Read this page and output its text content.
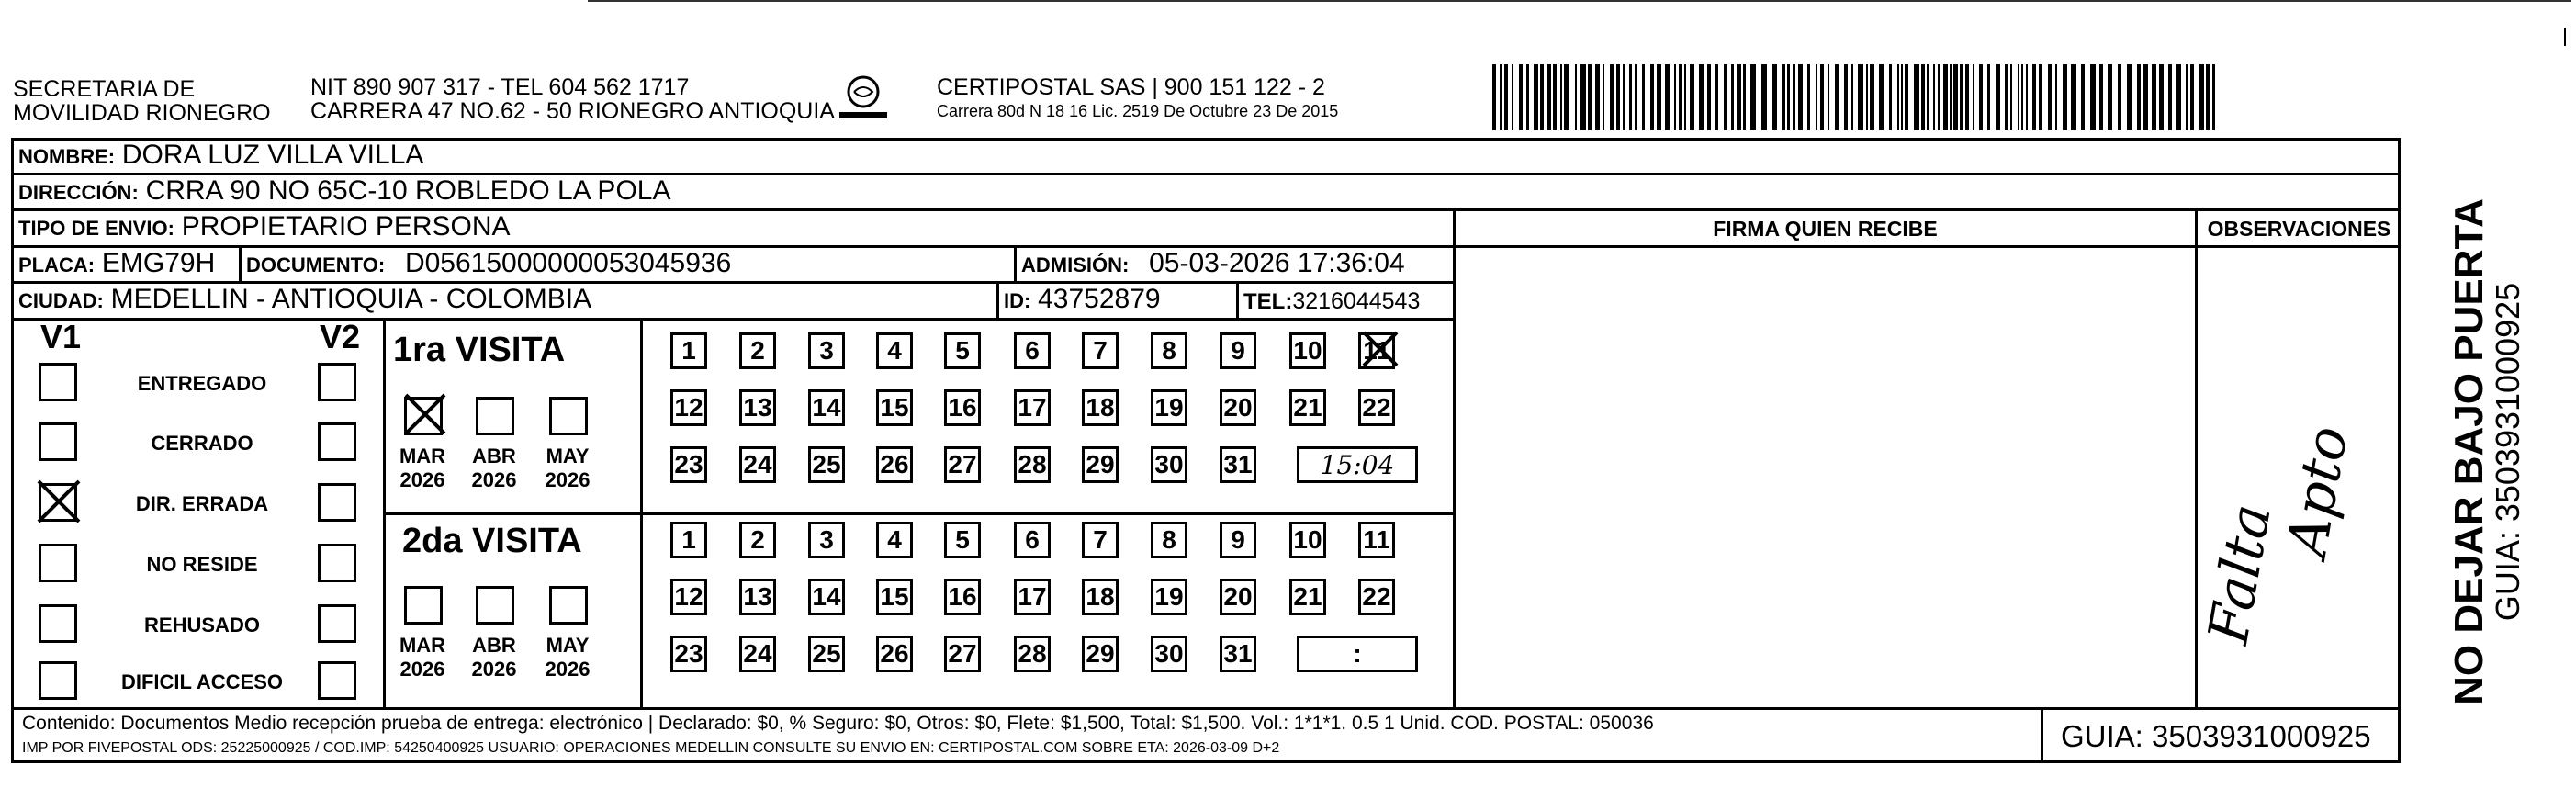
SECRETARIA DE
MOVILIDAD RIONEGRO
NIT 890 907 317 - TEL 604 562 1717
CARRERA 47 NO.62 - 50 RIONEGRO ANTIOQUIA
CERTIPOSTAL SAS | 900 151 122 - 2
Carrera 80d N 18 16 Lic. 2519 De Octubre 23 De 2015
NOMBRE: DORA LUZ VILLA VILLA
DIRECCIÓN: CRRA 90 NO 65C-10 ROBLEDO LA POLA
TIPO DE ENVIO: PROPIETARIO PERSONA	FIRMA QUIEN RECIBE	OBSERVACIONES
PLACA: EMG79H DOCUMENTO: D05615000000053045936	ADMISIÓN: 05-03-2026 17:36:04
CIUDAD: MEDELLIN - ANTIOQUIA - COLOMBIA	ID: 43752879	TEL:3216044543
V1	V2
ENTREGADO
CERRADO
DIR. ERRADA
NO RESIDE
REHUSADO
DIFICIL ACCESO
1ra VISITA
2da VISITA
1	2	3	4	5	6	7	8	9	10 11
12 13 14 15 16 17 18 19 20 21 22
23 24 25 26 27 28 29 30 31	15:04
MAR
2026
ABR
2026
MAY
2026
1	2	3	4	5	6	7	8	9	10 11
12 13 14 15 16 17 18 19 20 21 22
23 24 25 26 27 28 29 30 31	:
MAR
2026
ABR
2026
MAY
2026
Falta
Apto NO DEJAR BAJO PUERTA
GUIA: 3503931000925
Contenido: Documentos Medio recepción prueba de entrega: electrónico | Declarado: $0, % Seguro: $0, Otros: $0, Flete: $1,500, Total: $1,500. Vol.: 1*1*1. 0.5 1 Unid. COD. POSTAL: 050036
IMP POR FIVEPOSTAL ODS: 25225000925 / COD.IMP: 54250400925 USUARIO: OPERACIONES MEDELLIN CONSULTE SU ENVIO EN: CERTIPOSTAL.COM SOBRE ETA: 2026-03-09 D+2	GUIA: 3503931000925
